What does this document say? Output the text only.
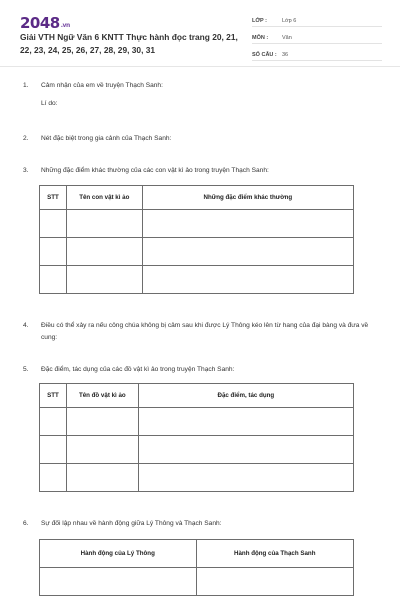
2048.vn
Giải VTH Ngữ Văn 6 KNTT Thực hành đọc trang 20, 21, 22, 23, 24, 25, 26, 27, 28, 29, 30, 31
LỚP :	Lớp 6
MÔN :	Văn
SỐ CÂU : 36
1. Cảm nhận của em về truyện Thạch Sanh:
Lí do:
2. Nét đặc biệt trong gia cảnh của Thạch Sanh:
3. Những đặc điểm khác thường của các con vật kì ảo trong truyện Thạch Sanh:
STT	Tên con vật kì ảo	Những đặc điểm khác thường

4. Điều có thể xảy ra nếu công chúa không bị câm sau khi được Lý Thông kéo lên từ hang của đại bàng và đưa về cung:
5. Đặc điểm, tác dụng của các đồ vật kì ảo trong truyện Thạch Sanh:
STT	Tên đồ vật kì ảo	Đặc điểm, tác dụng

6. Sự đối lập nhau về hành động giữa Lý Thông và Thạch Sanh:
Hành động của Lý Thông	Hành động của Thạch Sanh
